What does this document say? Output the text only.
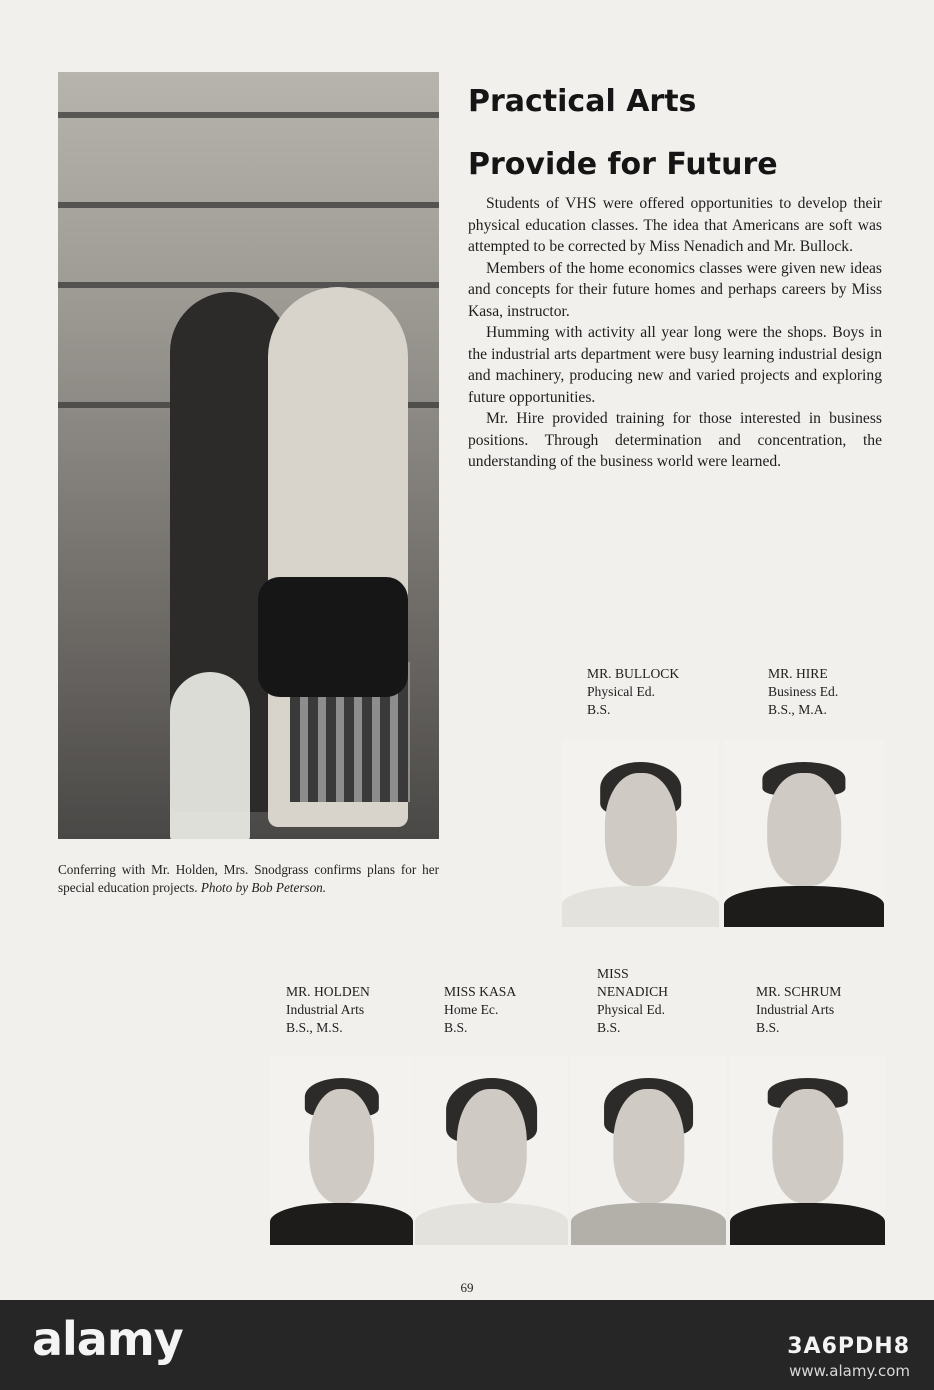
Practical Arts
Provide for Future

Students of VHS were offered opportunities to develop their physical education classes. The idea that Americans are soft was attempted to be corrected by Miss Nenadich and Mr. Bullock.

Members of the home economics classes were given new ideas and concepts for their future homes and perhaps careers by Miss Kasa, instructor.

Humming with activity all year long were the shops. Boys in the industrial arts department were busy learning industrial design and machinery, producing new and varied projects and exploring future opportunities.

Mr. Hire provided training for those interested in business positions. Through determination and concentration, the understanding of the business world were learned.

Conferring with Mr. Holden, Mrs. Snodgrass confirms plans for her special education projects. Photo by Bob Peterson.
MR. BULLOCK
Physical Ed.
B.S.
MR. HIRE
Business Ed.
B.S., M.A.
MR. HOLDEN
Industrial Arts
B.S., M.S.
MISS KASA
Home Ec.
B.S.
MISS
NENADICH
Physical Ed.
B.S.
MR. SCHRUM
Industrial Arts
B.S.
69
alamy	3A6PDH8
www.alamy.com
